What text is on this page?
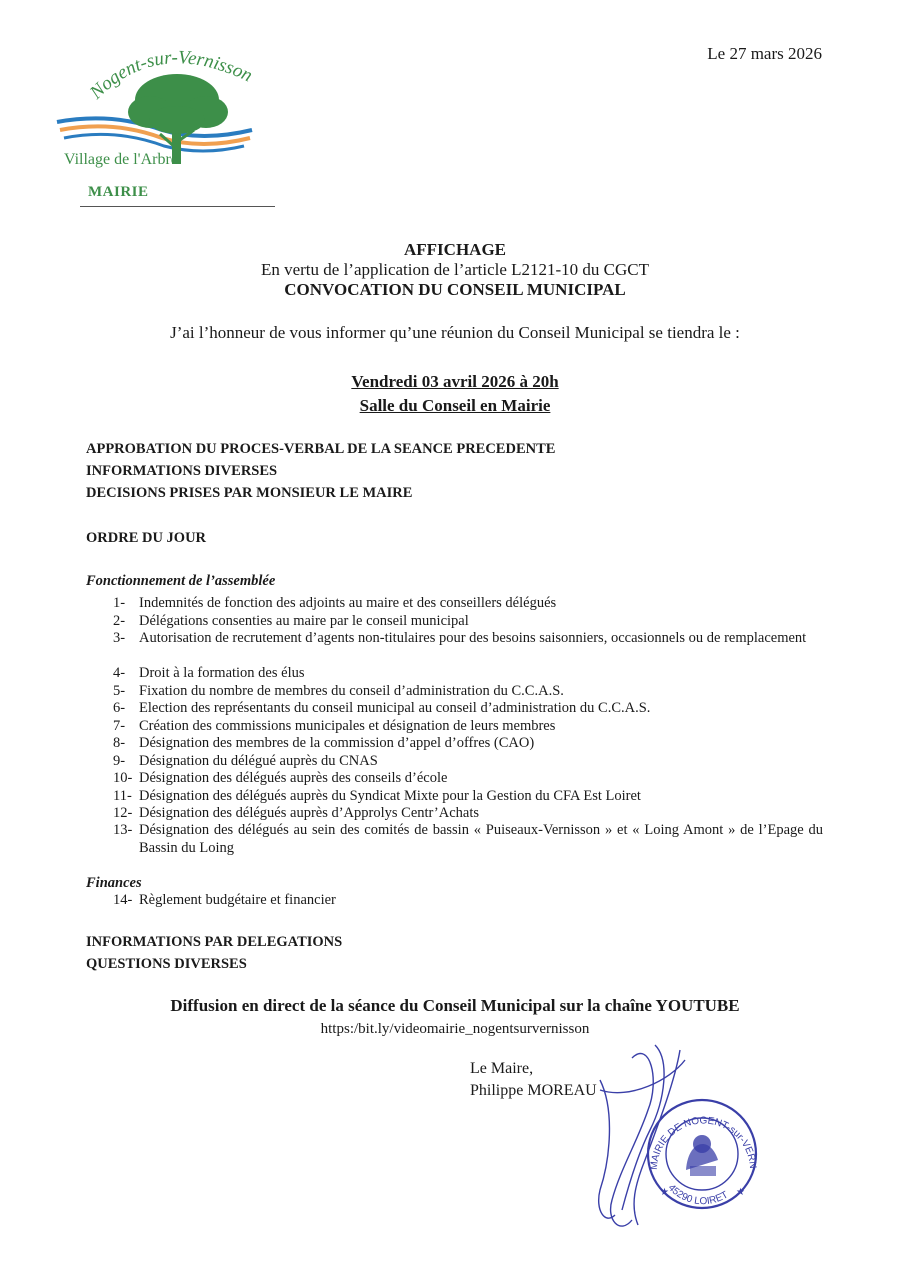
Nogent-sur-Vernisson
Village de l'Arbre
MAIRIE
Le 27 mars 2026
AFFICHAGE
En vertu de l’application de l’article L2121-10 du CGCT
CONVOCATION DU CONSEIL MUNICIPAL
J’ai l’honneur de vous informer qu’une réunion du Conseil Municipal se tiendra le :
Vendredi 03 avril 2026 à 20h
Salle du Conseil en Mairie
APPROBATION DU PROCES-VERBAL DE LA SEANCE PRECEDENTE
INFORMATIONS DIVERSES
DECISIONS PRISES PAR MONSIEUR LE MAIRE
ORDRE DU JOUR
Fonctionnement de l’assemblée
1- Indemnités de fonction des adjoints au maire et des conseillers délégués
2- Délégations consenties au maire par le conseil municipal
3- Autorisation de recrutement d’agents non-titulaires pour des besoins saisonniers, occasionnels ou de remplacement
4- Droit à la formation des élus
5- Fixation du nombre de membres du conseil d’administration du C.C.A.S.
6- Election des représentants du conseil municipal au conseil d’administration du C.C.A.S.
7- Création des commissions municipales et désignation de leurs membres
8- Désignation des membres de la commission d’appel d’offres (CAO)
9- Désignation du délégué auprès du CNAS
10- Désignation des délégués auprès des conseils d’école
11- Désignation des délégués auprès du Syndicat Mixte pour la Gestion du CFA Est Loiret
12- Désignation des délégués auprès d’Approlys Centr’Achats
13- Désignation des délégués au sein des comités de bassin « Puiseaux-Vernisson » et « Loing Amont » de l’Epage du Bassin du Loing
Finances
14- Règlement budgétaire et financier
INFORMATIONS PAR DELEGATIONS
QUESTIONS DIVERSES
Diffusion en direct de la séance du Conseil Municipal sur la chaîne YOUTUBE
https:/bit.ly/videomairie_nogentsurvernisson
Le Maire,
Philippe MOREAU
MAIRIE DE NOGENT-sur-VERN
45290 LOIRET
★	★
